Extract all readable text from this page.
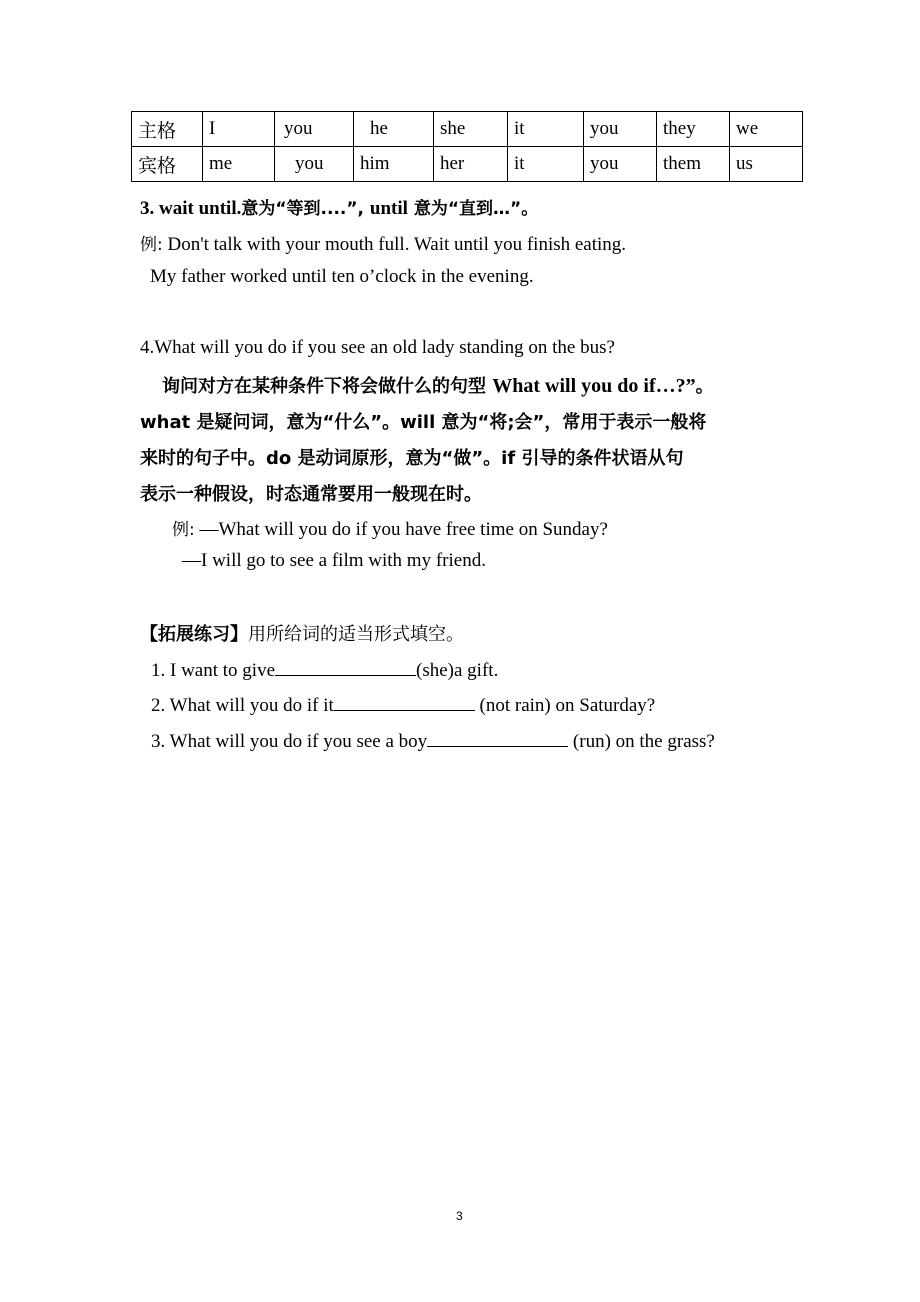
主格	I	you	he	she	it	you	they	we
宾格	me	you	him	her	it	you	them	us
3. wait until.意为“等到....”, until 意为“直到…”。
例: Don't talk with your mouth full. Wait until you finish eating.
My father worked until ten o’clock in the evening.
4.What will you do if you see an old lady standing on the bus?
询问对方在某种条件下将会做什么的句型 What will you do if…?”。
what 是疑问词，意为“什么”。will 意为“将;会”，常用于表示一般将
来时的句子中。do 是动词原形，意为“做”。if 引导的条件状语从句
表示一种假设，时态通常要用一般现在时。
例: —What will you do if you have free time on Sunday?
—I will go to see a film with my friend.
【拓展练习】用所给词的适当形式填空。
1. I want to give	(she)a gift.
2. What will you do if it	(not rain) on Saturday?
3. What will you do if you see a boy	(run) on the grass?
3
